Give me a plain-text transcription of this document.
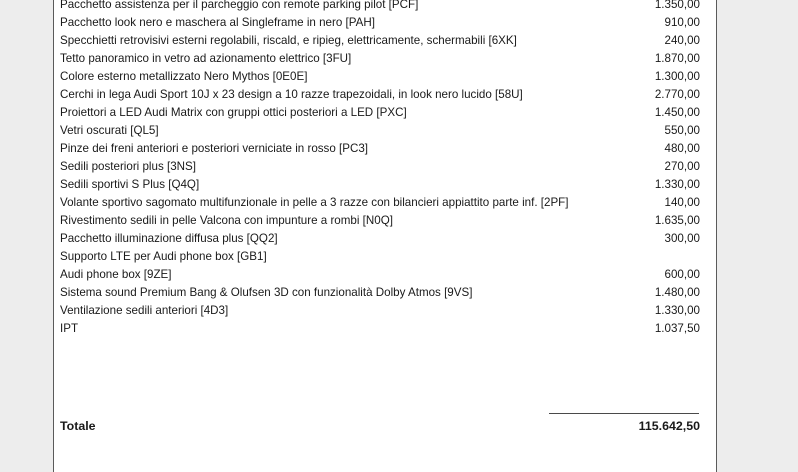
Pacchetto assistenza per il parcheggio con remote parking pilot [PCF]	1.350,00
Pacchetto look nero e maschera al Singleframe in nero [PAH]	910,00
Specchietti retrovisivi esterni regolabili, riscald, e ripieg, elettricamente, schermabili [6XK]	240,00
Tetto panoramico in vetro ad azionamento elettrico [3FU]	1.870,00
Colore esterno metallizzato Nero Mythos [0E0E]	1.300,00
Cerchi in lega Audi Sport 10J x 23 design a 10 razze trapezoidali, in look nero lucido [58U]	2.770,00
Proiettori a LED Audi Matrix con gruppi ottici posteriori a LED [PXC]	1.450,00
Vetri oscurati [QL5]	550,00
Pinze dei freni anteriori e posteriori verniciate in rosso [PC3]	480,00
Sedili posteriori plus [3NS]	270,00
Sedili sportivi S Plus [Q4Q]	1.330,00
Volante sportivo sagomato multifunzionale in pelle a 3 razze con bilancieri appiattito parte inf. [2PF]	140,00
Rivestimento sedili in pelle Valcona con impunture a rombi [N0Q]	1.635,00
Pacchetto illuminazione diffusa plus [QQ2]	300,00
Supporto LTE per Audi phone box [GB1]
Audi phone box [9ZE]	600,00
Sistema sound Premium Bang & Olufsen 3D con funzionalità Dolby Atmos [9VS]	1.480,00
Ventilazione sedili anteriori [4D3]	1.330,00
IPT	1.037,50
Totale	115.642,50
